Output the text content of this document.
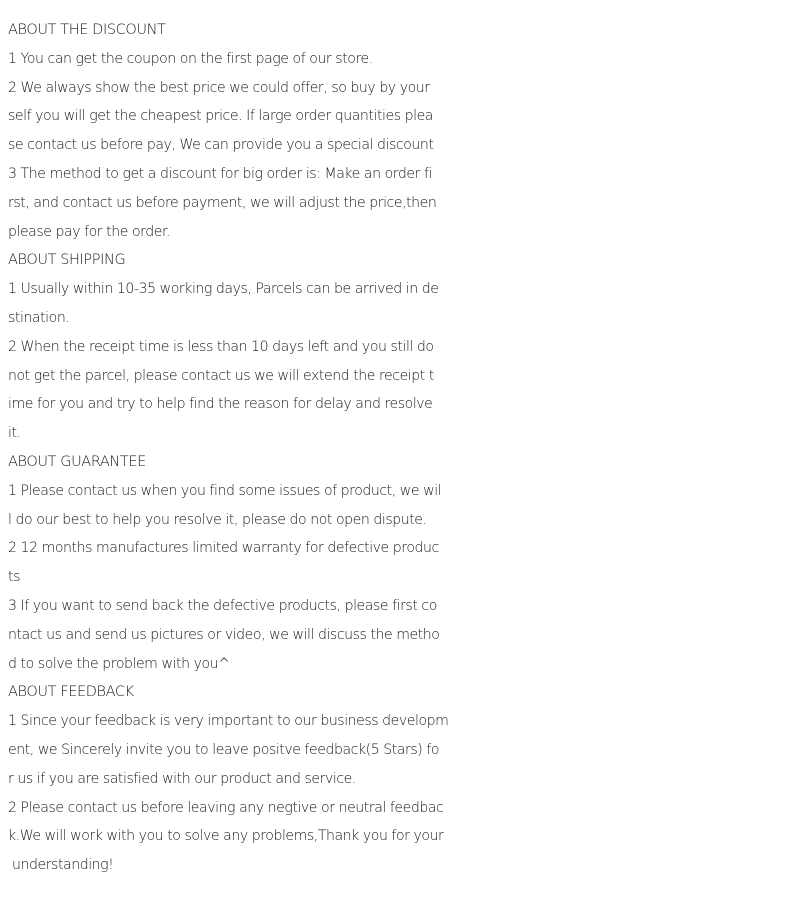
ABOUT THE DISCOUNT
1 You can get the coupon on the first page of our store.
2 We always show the best price we could offer, so buy by your
self you will get the cheapest price. If large order quantities plea
se contact us before pay, We can provide you a special discount
3 The method to get a discount for big order is: Make an order fi
rst, and contact us before payment, we will adjust the price,then
please pay for the order.
ABOUT SHIPPING
1 Usually within 10-35 working days, Parcels can be arrived in de
stination.
2 When the receipt time is less than 10 days left and you still do
not get the parcel, please contact us we will extend the receipt t
ime for you and try to help find the reason for delay and resolve
it.
ABOUT GUARANTEE
1 Please contact us when you find some issues of product, we wil
l do our best to help you resolve it, please do not open dispute.
2 12 months manufactures limited warranty for defective produc
ts
3 If you want to send back the defective products, please first co
ntact us and send us pictures or video, we will discuss the metho
d to solve the problem with you^
ABOUT FEEDBACK
1 Since your feedback is very important to our business developm
ent, we Sincerely invite you to leave positve feedback(5 Stars) fo
r us if you are satisfied with our product and service.
2 Please contact us before leaving any negtive or neutral feedbac
k.We will work with you to solve any problems,Thank you for your
understanding!
